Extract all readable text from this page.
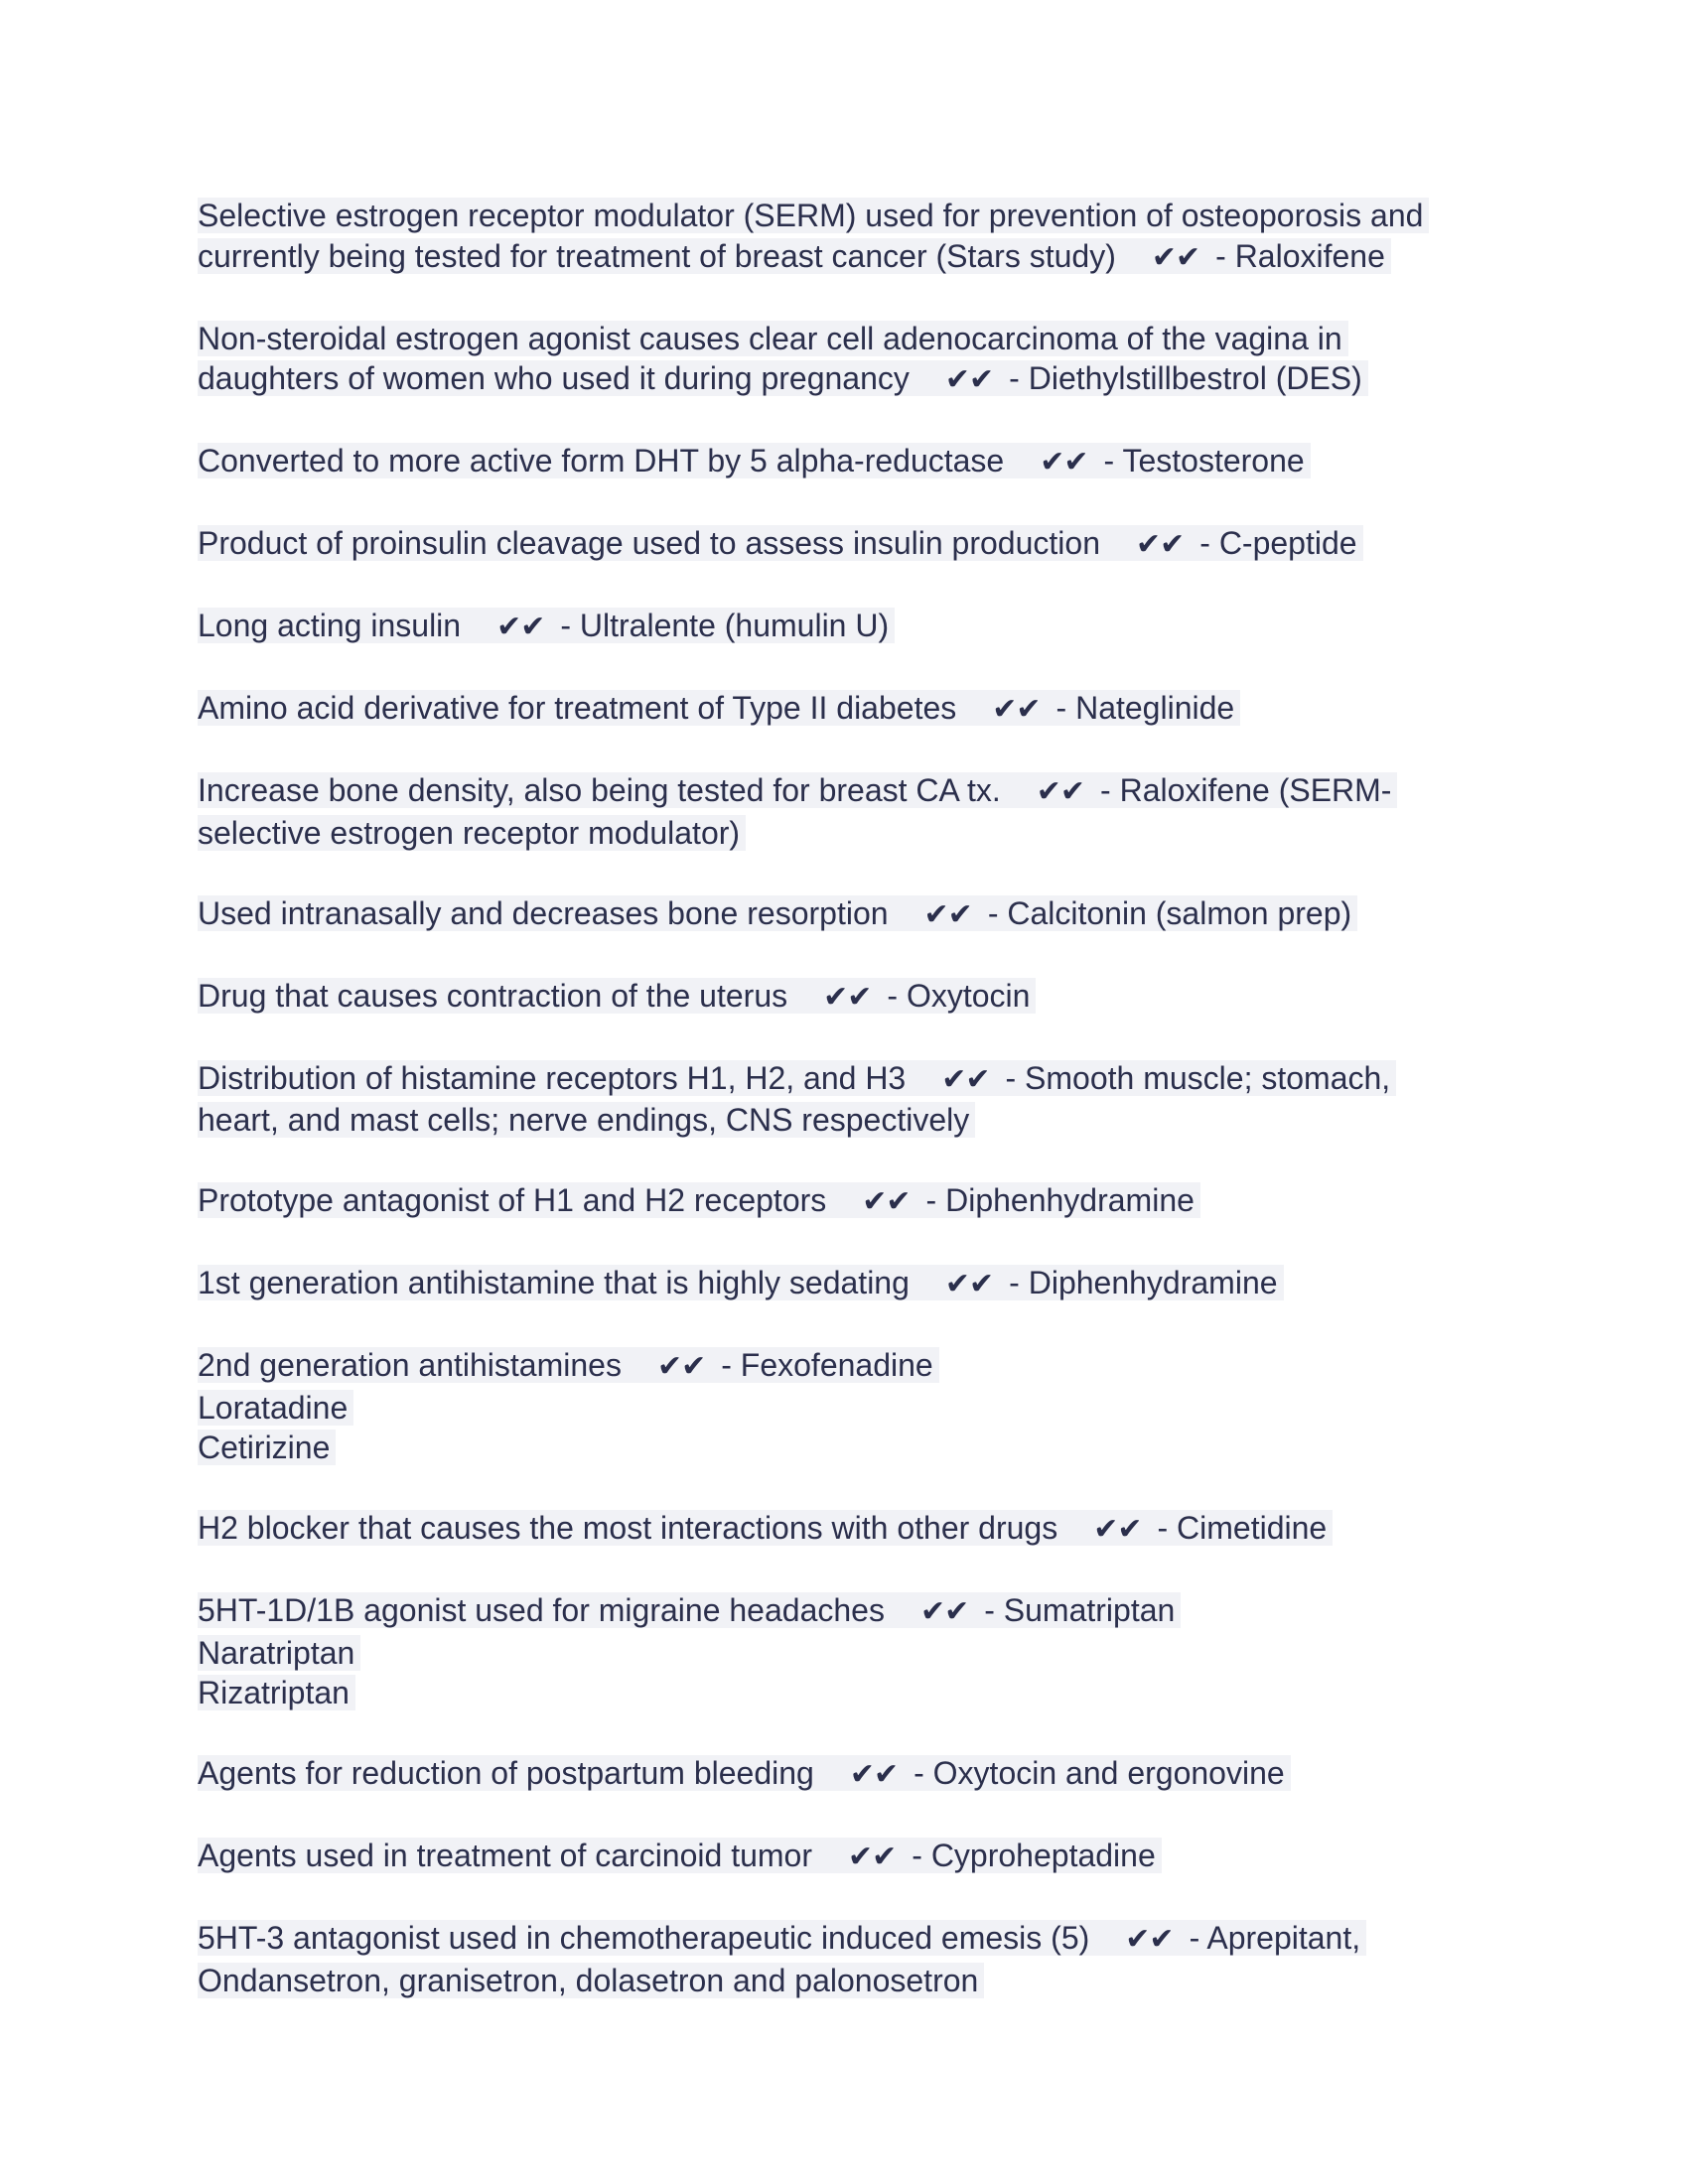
Selective estrogen receptor modulator (SERM) used for prevention of osteoporosis and
currently being tested for treatment of breast cancer (Stars study) ✔✔ - Raloxifene
Non-steroidal estrogen agonist causes clear cell adenocarcinoma of the vagina in
daughters of women who used it during pregnancy ✔✔ - Diethylstillbestrol (DES)
Converted to more active form DHT by 5 alpha-reductase ✔✔ - Testosterone
Product of proinsulin cleavage used to assess insulin production ✔✔ - C-peptide
Long acting insulin ✔✔ - Ultralente (humulin U)
Amino acid derivative for treatment of Type II diabetes ✔✔ - Nateglinide
Increase bone density, also being tested for breast CA tx. ✔✔ - Raloxifene (SERM-
selective estrogen receptor modulator)
Used intranasally and decreases bone resorption ✔✔ - Calcitonin (salmon prep)
Drug that causes contraction of the uterus ✔✔ - Oxytocin
Distribution of histamine receptors H1, H2, and H3 ✔✔ - Smooth muscle; stomach,
heart, and mast cells; nerve endings, CNS respectively
Prototype antagonist of H1 and H2 receptors ✔✔ - Diphenhydramine
1st generation antihistamine that is highly sedating ✔✔ - Diphenhydramine
2nd generation antihistamines ✔✔ - Fexofenadine
Loratadine
Cetirizine
H2 blocker that causes the most interactions with other drugs ✔✔ - Cimetidine
5HT-1D/1B agonist used for migraine headaches ✔✔ - Sumatriptan
Naratriptan
Rizatriptan
Agents for reduction of postpartum bleeding ✔✔ - Oxytocin and ergonovine
Agents used in treatment of carcinoid tumor ✔✔ - Cyproheptadine
5HT-3 antagonist used in chemotherapeutic induced emesis (5) ✔✔ - Aprepitant,
Ondansetron, granisetron, dolasetron and palonosetron
